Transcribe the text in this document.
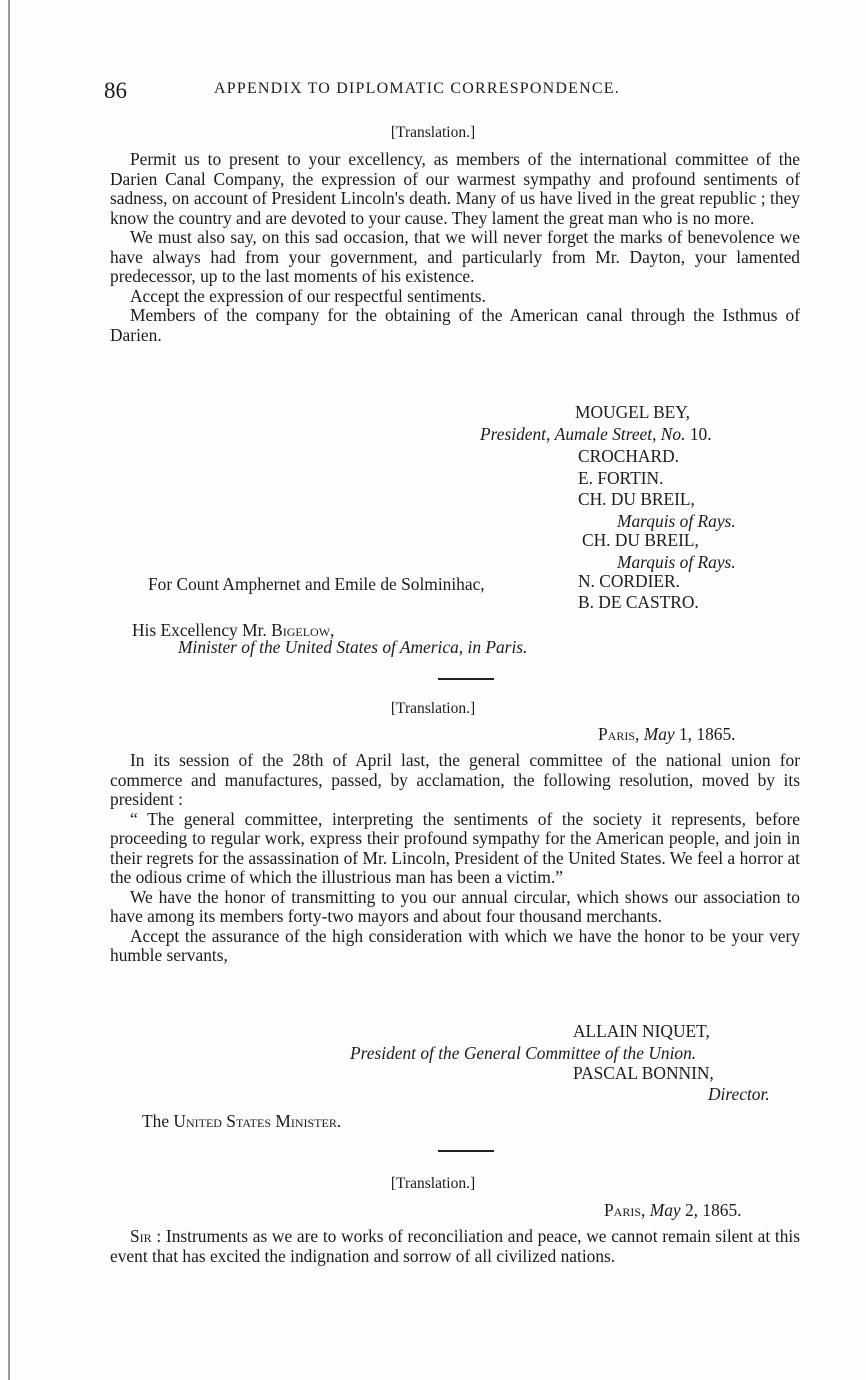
86	APPENDIX TO DIPLOMATIC CORRESPONDENCE.
[Translation.]

Permit us to present to your excellency, as members of the international committee of the Darien Canal Company, the expression of our warmest sympathy and profound sentiments of sadness, on account of President Lincoln's death. Many of us have lived in the great republic ; they know the country and are devoted to your cause. They lament the great man who is no more.

We must also say, on this sad occasion, that we will never forget the marks of benevolence we have always had from your government, and particularly from Mr. Dayton, your lamented predecessor, up to the last moments of his existence.

Accept the expression of our respectful sentiments.

Members of the company for the obtaining of the American canal through the Isthmus of Darien.

MOUGEL BEY,
President, Aumale Street, No. 10.
CROCHARD.
E. FORTIN.
CH. DU BREIL,
Marquis of Rays.
CH. DU BREIL,
Marquis of Rays.
For Count Amphernet and Emile de Solminihac,	N. CORDIER.
B. DE CASTRO.
His Excellency Mr. Bigelow,
Minister of the United States of America, in Paris.
[Translation.]
Paris, May 1, 1865.

In its session of the 28th of April last, the general committee of the national union for commerce and manufactures, passed, by acclamation, the following resolution, moved by its president :

“ The general committee, interpreting the sentiments of the society it represents, before proceeding to regular work, express their profound sympathy for the American people, and join in their regrets for the assassination of Mr. Lincoln, President of the United States. We feel a horror at the odious crime of which the illustrious man has been a victim.”

We have the honor of transmitting to you our annual circular, which shows our association to have among its members forty-two mayors and about four thousand merchants.

Accept the assurance of the high consideration with which we have the honor to be your very humble servants,

ALLAIN NIQUET,
President of the General Committee of the Union.
PASCAL BONNIN,
Director.
The United States Minister.
[Translation.]
Paris, May 2, 1865.

Sir : Instruments as we are to works of reconciliation and peace, we cannot remain silent at this event that has excited the indignation and sorrow of all civilized nations.
